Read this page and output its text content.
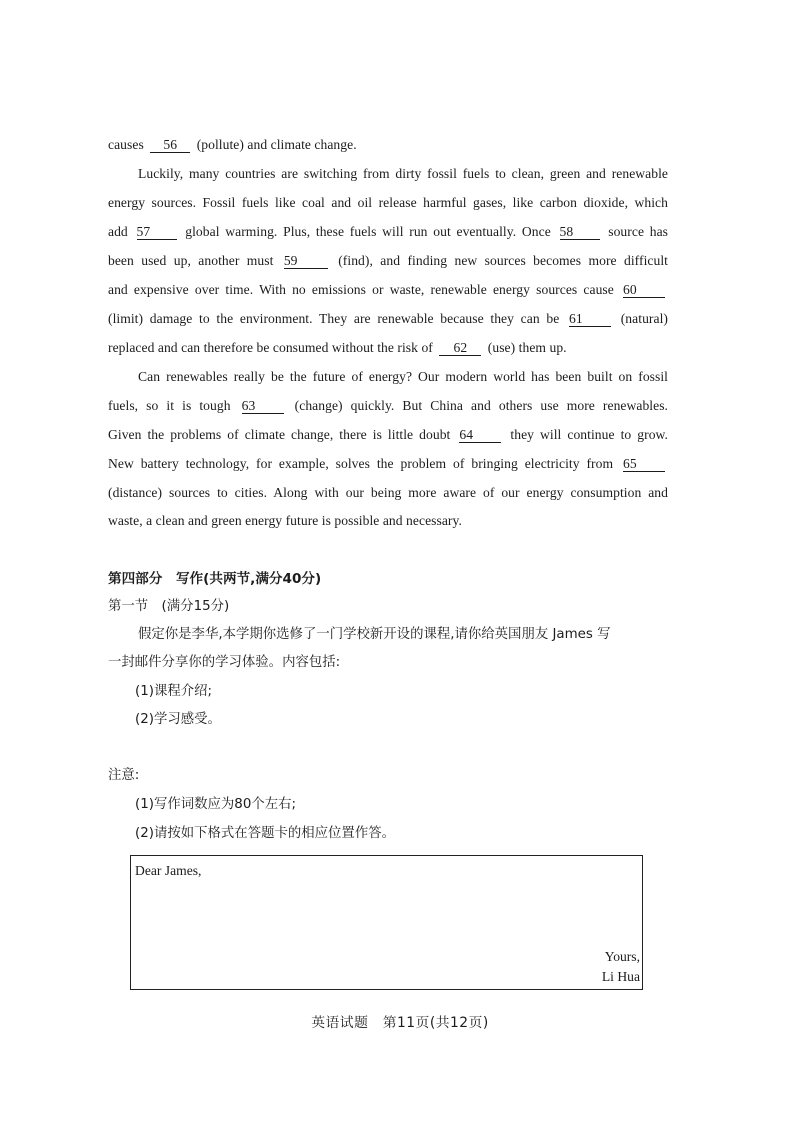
causes 56 (pollute) and climate change.
Luckily, many countries are switching from dirty fossil fuels to clean, green and renewable
energy sources. Fossil fuels like coal and oil release harmful gases, like carbon dioxide, which
add 57	global warming. Plus, these fuels will run out eventually. Once 58	source has
been used up, another must 59	(find), and finding new sources becomes more difficult
and expensive over time. With no emissions or waste, renewable energy sources cause 60
(limit) damage to the environment. They are renewable because they can be 61	(natural)
replaced and can therefore be consumed without the risk of 62 (use) them up.
Can renewables really be the future of energy? Our modern world has been built on fossil
fuels, so it is tough 63	(change) quickly. But China and others use more renewables.
Given the problems of climate change, there is little doubt 64	they will continue to grow.
New battery technology, for example, solves the problem of bringing electricity from 65
(distance) sources to cities. Along with our being more aware of our energy consumption and
waste, a clean and green energy future is possible and necessary.
第四部分　写作(共两节,满分40分)
第一节　(满分15分)
假定你是李华,本学期你选修了一门学校新开设的课程,请你给英国朋友 James 写
一封邮件分享你的学习体验。内容包括:
(1)课程介绍;
(2)学习感受。
注意:
(1)写作词数应为80个左右;
(2)请按如下格式在答题卡的相应位置作答。
Dear James,
Yours,
Li Hua
英语试题　第11页(共12页)
